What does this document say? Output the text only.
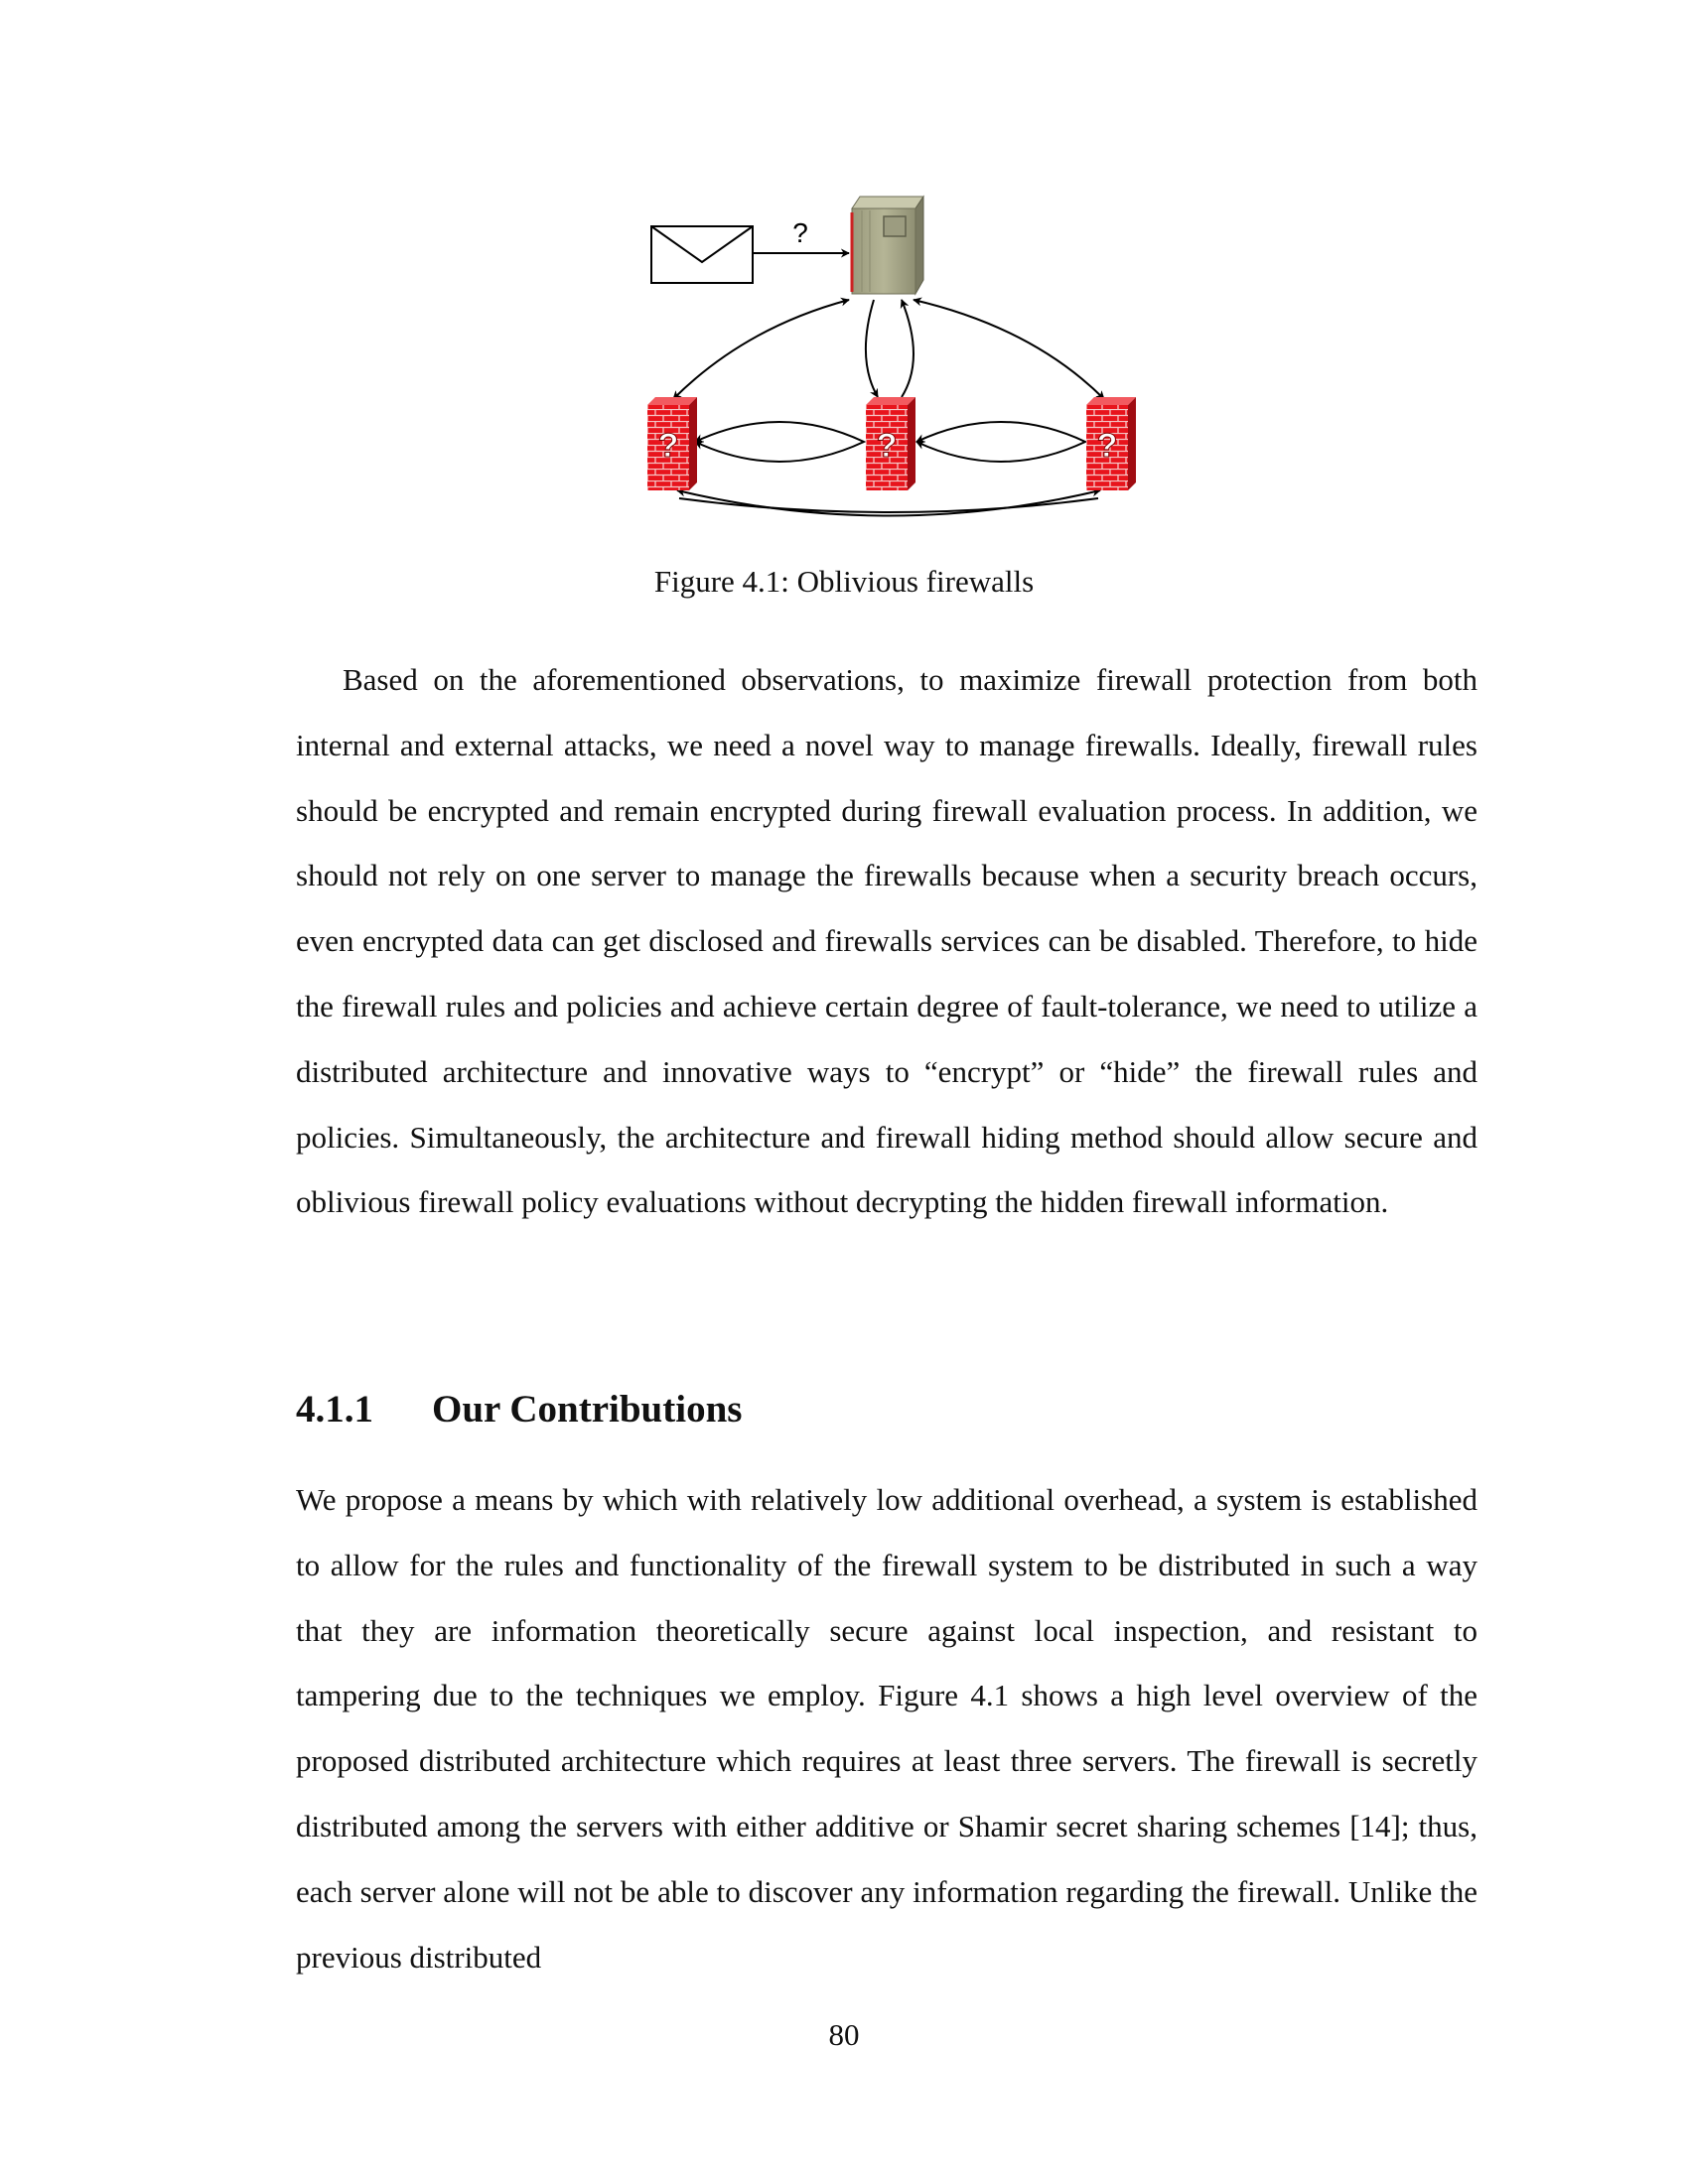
?
?	?	?
Figure 4.1: Oblivious firewalls

Based on the aforementioned observations, to maximize firewall protection from both internal and external attacks, we need a novel way to manage firewalls. Ideally, firewall rules should be encrypted and remain encrypted during firewall evaluation process. In addition, we should not rely on one server to manage the firewalls because when a security breach occurs, even encrypted data can get disclosed and firewalls services can be disabled. Therefore, to hide the firewall rules and policies and achieve certain degree of fault-tolerance, we need to utilize a distributed architecture and innovative ways to “encrypt” or “hide” the firewall rules and policies. Simultaneously, the architecture and firewall hiding method should allow secure and oblivious firewall policy evaluations without decrypting the hidden firewall information.

4.1.1 Our Contributions

We propose a means by which with relatively low additional overhead, a system is established to allow for the rules and functionality of the firewall system to be distributed in such a way that they are information theoretically secure against local inspection, and resistant to tampering due to the techniques we employ. Figure 4.1 shows a high level overview of the proposed distributed architecture which requires at least three servers. The firewall is secretly distributed among the servers with either additive or Shamir secret sharing schemes [14]; thus, each server alone will not be able to discover any information regarding the firewall. Unlike the previous distributed

80
